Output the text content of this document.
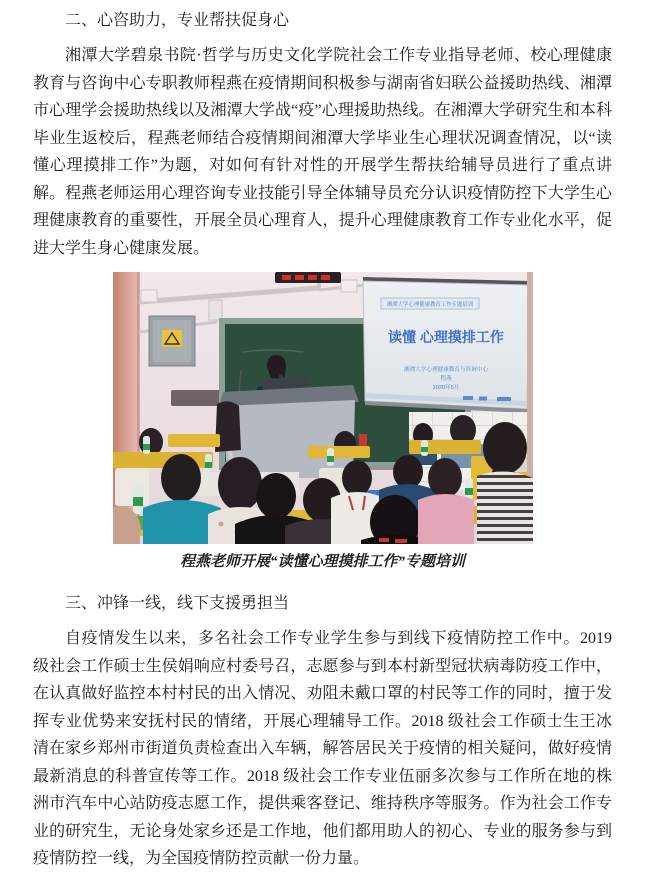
二、心咨助力，专业帮扶促身心

湘潭大学碧泉书院·哲学与历史文化学院社会工作专业指导老师、校心理健康教育与咨询中心专职教师程燕在疫情期间积极参与湖南省妇联公益援助热线、湘潭市心理学会援助热线以及湘潭大学战“疫”心理援助热线。在湘潭大学研究生和本科毕业生返校后，程燕老师结合疫情期间湘潭大学毕业生心理状况调查情况，以“读懂心理摸排工作”为题，对如何有针对性的开展学生帮扶给辅导员进行了重点讲解。程燕老师运用心理咨询专业技能引导全体辅导员充分认识疫情防控下大学生心理健康教育的重要性，开展全员心理育人，提升心理健康教育工作专业化水平，促进大学生身心健康发展。

湘潭大学心理健康教育工作专题培训
读懂 心理摸排工作
湘潭大学心理健康教育与咨询中心
程燕
2020年5月

程燕老师开展“读懂心理摸排工作”专题培训

三、冲锋一线，线下支援勇担当

自疫情发生以来，多名社会工作专业学生参与到线下疫情防控工作中。2019 级社会工作硕士生侯娟响应村委号召，志愿参与到本村新型冠状病毒防疫工作中，在认真做好监控本村村民的出入情况、劝阻未戴口罩的村民等工作的同时，擅于发挥专业优势来安抚村民的情绪，开展心理辅导工作。2018 级社会工作硕士生王冰清在家乡郑州市街道负责检查出入车辆，解答居民关于疫情的相关疑问，做好疫情最新消息的科普宣传等工作。2018 级社会工作专业伍丽多次参与工作所在地的株洲市汽车中心站防疫志愿工作，提供乘客登记、维持秩序等服务。作为社会工作专业的研究生，无论身处家乡还是工作地，他们都用助人的初心、专业的服务参与到疫情防控一线，为全国疫情防控贡献一份力量。
